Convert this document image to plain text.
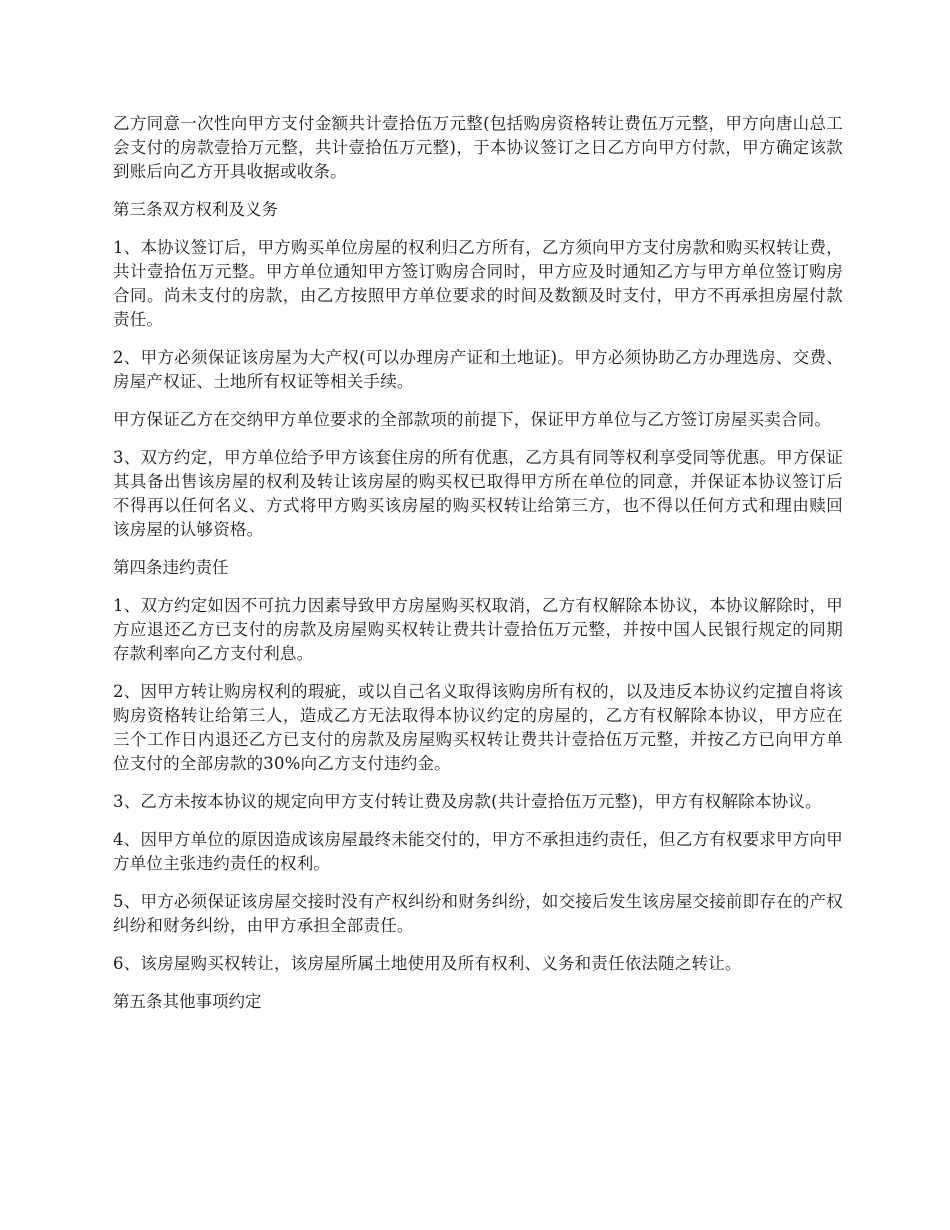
乙方同意一次性向甲方支付金额共计壹拾伍万元整(包括购房资格转让费伍万元整，甲方向唐山总工会支付的房款壹拾万元整，共计壹拾伍万元整)，于本协议签订之日乙方向甲方付款，甲方确定该款到账后向乙方开具收据或收条。

第三条双方权利及义务

1、本协议签订后，甲方购买单位房屋的权利归乙方所有，乙方须向甲方支付房款和购买权转让费，共计壹拾伍万元整。甲方单位通知甲方签订购房合同时，甲方应及时通知乙方与甲方单位签订购房合同。尚未支付的房款，由乙方按照甲方单位要求的时间及数额及时支付，甲方不再承担房屋付款责任。

2、甲方必须保证该房屋为大产权(可以办理房产证和土地证)。甲方必须协助乙方办理选房、交费、房屋产权证、土地所有权证等相关手续。

甲方保证乙方在交纳甲方单位要求的全部款项的前提下，保证甲方单位与乙方签订房屋买卖合同。

3、双方约定，甲方单位给予甲方该套住房的所有优惠，乙方具有同等权利享受同等优惠。甲方保证其具备出售该房屋的权利及转让该房屋的购买权已取得甲方所在单位的同意，并保证本协议签订后不得再以任何名义、方式将甲方购买该房屋的购买权转让给第三方，也不得以任何方式和理由赎回该房屋的认够资格。

第四条违约责任

1、双方约定如因不可抗力因素导致甲方房屋购买权取消，乙方有权解除本协议，本协议解除时，甲方应退还乙方已支付的房款及房屋购买权转让费共计壹拾伍万元整，并按中国人民银行规定的同期存款利率向乙方支付利息。

2、因甲方转让购房权利的瑕疵，或以自己名义取得该购房所有权的，以及违反本协议约定擅自将该购房资格转让给第三人，造成乙方无法取得本协议约定的房屋的，乙方有权解除本协议，甲方应在三个工作日内退还乙方已支付的房款及房屋购买权转让费共计壹拾伍万元整，并按乙方已向甲方单位支付的全部房款的30%向乙方支付违约金。

3、乙方未按本协议的规定向甲方支付转让费及房款(共计壹拾伍万元整)，甲方有权解除本协议。

4、因甲方单位的原因造成该房屋最终未能交付的，甲方不承担违约责任，但乙方有权要求甲方向甲方单位主张违约责任的权利。

5、甲方必须保证该房屋交接时没有产权纠纷和财务纠纷，如交接后发生该房屋交接前即存在的产权纠纷和财务纠纷，由甲方承担全部责任。

6、该房屋购买权转让，该房屋所属土地使用及所有权利、义务和责任依法随之转让。

第五条其他事项约定
